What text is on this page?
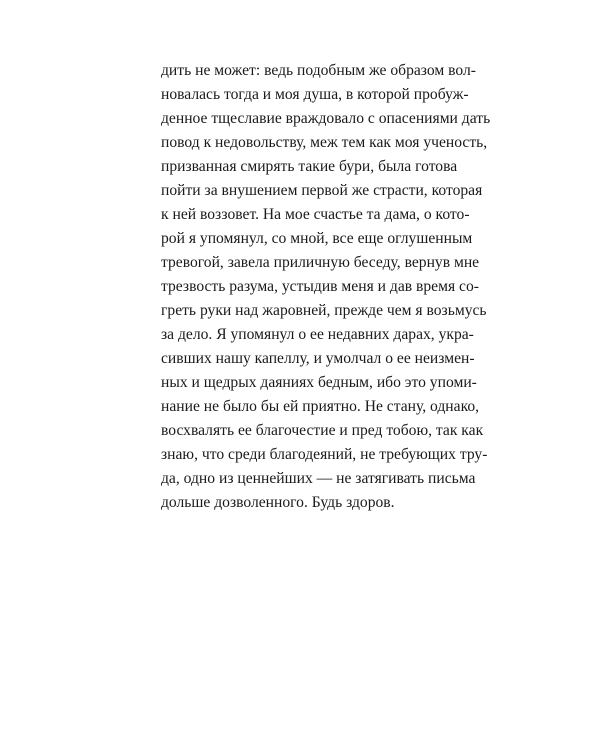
дить не может: ведь подобным же образом вол-
новалась тогда и моя душа, в которой пробуж-
денное тщеславие враждовало с опасениями дать
повод к недовольству, меж тем как моя ученость,
призванная смирять такие бури, была готова
пойти за внушением первой же страсти, которая
к ней воззовет. На мое счастье та дама, о кото-
рой я упомянул, со мной, все еще оглушенным
тревогой, завела приличную беседу, вернув мне
трезвость разума, устыдив меня и дав время со-
греть руки над жаровней, прежде чем я возьмусь
за дело. Я упомянул о ее недавних дарах, укра-
сивших нашу капеллу, и умолчал о ее неизмен-
ных и щедрых даяниях бедным, ибо это упоми-
нание не было бы ей приятно. Не стану, однако,
восхвалять ее благочестие и пред тобою, так как
знаю, что среди благодеяний, не требующих тру-
да, одно из ценнейших — не затягивать письма
дольше дозволенного. Будь здоров.
